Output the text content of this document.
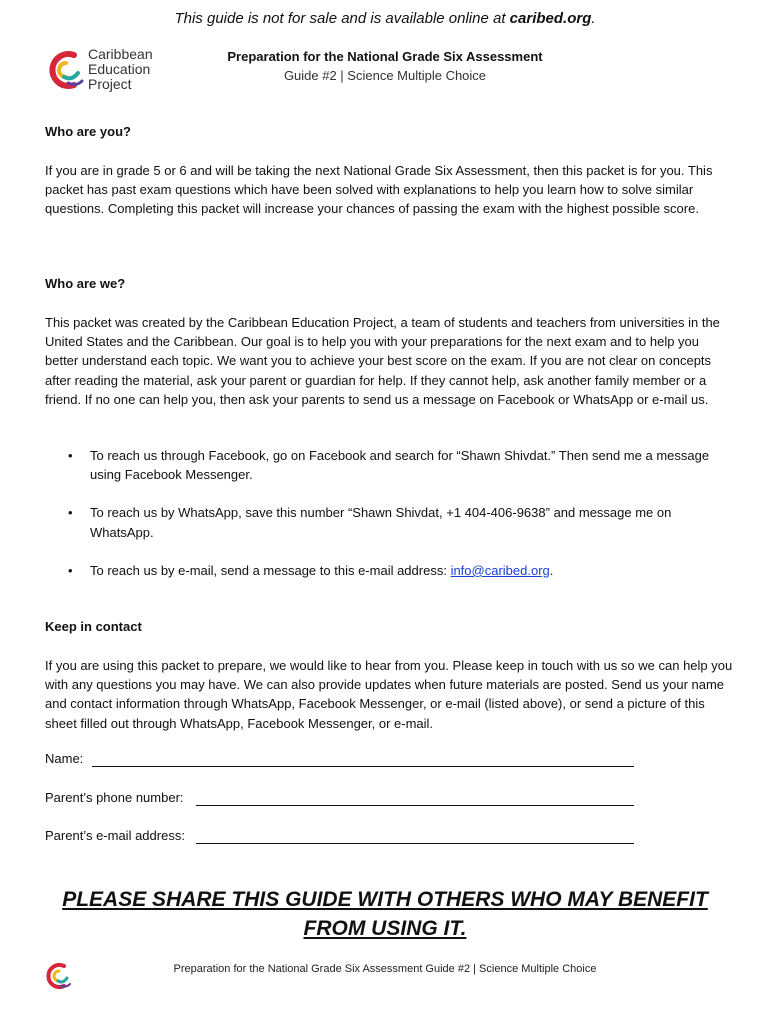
This guide is not for sale and is available online at caribed.org.
Caribbean
Education
Project
Preparation for the National Grade Six Assessment
Guide #2 | Science Multiple Choice
Who are you?
If you are in grade 5 or 6 and will be taking the next National Grade Six Assessment, then this packet is for you. This packet has past exam questions which have been solved with explanations to help you learn how to solve similar questions. Completing this packet will increase your chances of passing the exam with the highest possible score.
Who are we?
This packet was created by the Caribbean Education Project, a team of students and teachers from universities in the United States and the Caribbean. Our goal is to help you with your preparations for the next exam and to help you better understand each topic. We want you to achieve your best score on the exam. If you are not clear on concepts after reading the material, ask your parent or guardian for help. If they cannot help, ask another family member or a friend. If no one can help you, then ask your parents to send us a message on Facebook or WhatsApp or e-mail us.
• To reach us through Facebook, go on Facebook and search for “Shawn Shivdat.” Then send me a message using Facebook Messenger.
• To reach us by WhatsApp, save this number “Shawn Shivdat, +1 404-406-9638” and message me on WhatsApp.
• To reach us by e-mail, send a message to this e-mail address: info@caribed.org.
Keep in contact
If you are using this packet to prepare, we would like to hear from you. Please keep in touch with us so we can help you with any questions you may have. We can also provide updates when future materials are posted. Send us your name and contact information through WhatsApp, Facebook Messenger, or e-mail (listed above), or send a picture of this sheet filled out through WhatsApp, Facebook Messenger, or e-mail.
Name:
Parent’s phone number:
Parent’s e-mail address:
PLEASE SHARE THIS GUIDE WITH OTHERS WHO MAY BENEFIT
FROM USING IT.
Preparation for the National Grade Six Assessment Guide #2 | Science Multiple Choice
